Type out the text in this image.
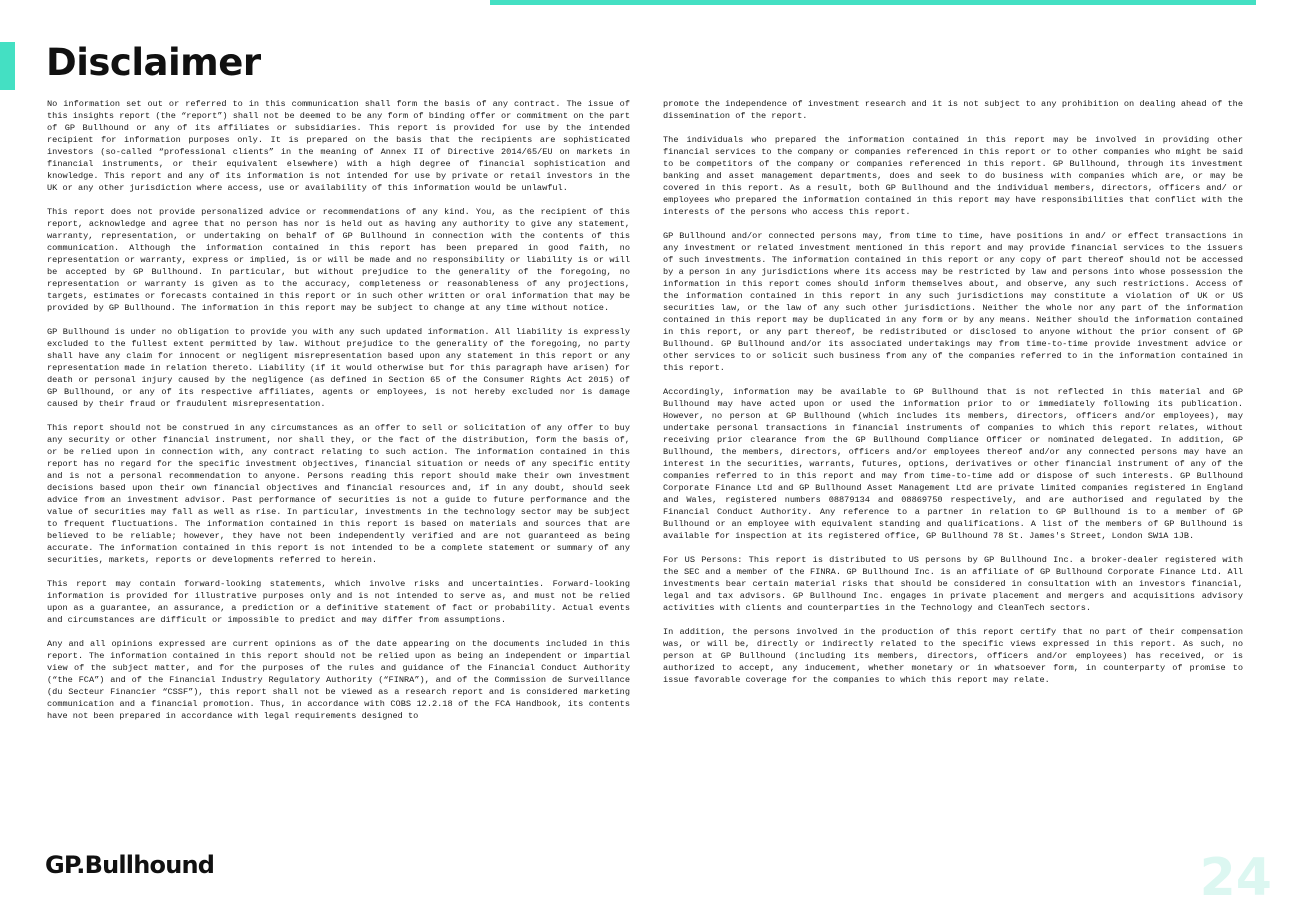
Disclaimer

No information set out or referred to in this communication shall form the basis of any contract. The issue of this insights report (the “report”) shall not be deemed to be any form of binding offer or commitment on the part of GP Bullhound or any of its affiliates or subsidiaries. This report is provided for use by the intended recipient for information purposes only. It is prepared on the basis that the recipients are sophisticated investors (so-called “professional clients” in the meaning of Annex II of Directive 2014/65/EU on markets in financial instruments, or their equivalent elsewhere) with a high degree of financial sophistication and knowledge. This report and any of its information is not intended for use by private or retail investors in the UK or any other jurisdiction where access, use or availability of this information would be unlawful.

This report does not provide personalized advice or recommendations of any kind. You, as the recipient of this report, acknowledge and agree that no person has nor is held out as having any authority to give any statement, warranty, representation, or undertaking on behalf of GP Bullhound in connection with the contents of this communication. Although the information contained in this report has been prepared in good faith, no representation or warranty, express or implied, is or will be made and no responsibility or liability is or will be accepted by GP Bullhound. In particular, but without prejudice to the generality of the foregoing, no representation or warranty is given as to the accuracy, completeness or reasonableness of any projections, targets, estimates or forecasts contained in this report or in such other written or oral information that may be provided by GP Bullhound. The information in this report may be subject to change at any time without notice.

GP Bullhound is under no obligation to provide you with any such updated information. All liability is expressly excluded to the fullest extent permitted by law. Without prejudice to the generality of the foregoing, no party shall have any claim for innocent or negligent misrepresentation based upon any statement in this report or any representation made in relation thereto. Liability (if it would otherwise but for this paragraph have arisen) for death or personal injury caused by the negligence (as defined in Section 65 of the Consumer Rights Act 2015) of GP Bullhound, or any of its respective affiliates, agents or employees, is not hereby excluded nor is damage caused by their fraud or fraudulent misrepresentation.

This report should not be construed in any circumstances as an offer to sell or solicitation of any offer to buy any security or other financial instrument, nor shall they, or the fact of the distribution, form the basis of, or be relied upon in connection with, any contract relating to such action. The information contained in this report has no regard for the specific investment objectives, financial situation or needs of any specific entity and is not a personal recommendation to anyone. Persons reading this report should make their own investment decisions based upon their own financial objectives and financial resources and, if in any doubt, should seek advice from an investment advisor. Past performance of securities is not a guide to future performance and the value of securities may fall as well as rise. In particular, investments in the technology sector may be subject to frequent fluctuations. The information contained in this report is based on materials and sources that are believed to be reliable; however, they have not been independently verified and are not guaranteed as being accurate. The information contained in this report is not intended to be a complete statement or summary of any securities, markets, reports or developments referred to herein.

This report may contain forward-looking statements, which involve risks and uncertainties. Forward-looking information is provided for illustrative purposes only and is not intended to serve as, and must not be relied upon as a guarantee, an assurance, a prediction or a definitive statement of fact or probability. Actual events and circumstances are difficult or impossible to predict and may differ from assumptions.

Any and all opinions expressed are current opinions as of the date appearing on the documents included in this report. The information contained in this report should not be relied upon as being an independent or impartial view of the subject matter, and for the purposes of the rules and guidance of the Financial Conduct Authority (“the FCA”) and of the Financial Industry Regulatory Authority (“FINRA”), and of the Commission de Surveillance (du Secteur Financier “CSSF”), this report shall not be viewed as a research report and is considered marketing communication and a financial promotion. Thus, in accordance with COBS 12.2.18 of the FCA Handbook, its contents have not been prepared in accordance with legal requirements designed to

promote the independence of investment research and it is not subject to any prohibition on dealing ahead of the dissemination of the report.

The individuals who prepared the information contained in this report may be involved in providing other financial services to the company or companies referenced in this report or to other companies who might be said to be competitors of the company or companies referenced in this report. GP Bullhound, through its investment banking and asset management departments, does and seek to do business with companies which are, or may be covered in this report. As a result, both GP Bullhound and the individual members, directors, officers and/ or employees who prepared the information contained in this report may have responsibilities that conflict with the interests of the persons who access this report.

GP Bullhound and/or connected persons may, from time to time, have positions in and/ or effect transactions in any investment or related investment mentioned in this report and may provide financial services to the issuers of such investments. The information contained in this report or any copy of part thereof should not be accessed by a person in any jurisdictions where its access may be restricted by law and persons into whose possession the information in this report comes should inform themselves about, and observe, any such restrictions. Access of the information contained in this report in any such jurisdictions may constitute a violation of UK or US securities law, or the law of any such other jurisdictions. Neither the whole nor any part of the information contained in this report may be duplicated in any form or by any means. Neither should the information contained in this report, or any part thereof, be redistributed or disclosed to anyone without the prior consent of GP Bullhound. GP Bullhound and/or its associated undertakings may from time-to-time provide investment advice or other services to or solicit such business from any of the companies referred to in the information contained in this report.

Accordingly, information may be available to GP Bullhound that is not reflected in this material and GP Bullhound may have acted upon or used the information prior to or immediately following its publication. However, no person at GP Bullhound (which includes its members, directors, officers and/or employees), may undertake personal transactions in financial instruments of companies to which this report relates, without receiving prior clearance from the GP Bullhound Compliance Officer or nominated delegated. In addition, GP Bullhound, the members, directors, officers and/or employees thereof and/or any connected persons may have an interest in the securities, warrants, futures, options, derivatives or other financial instrument of any of the companies referred to in this report and may from time-to-time add or dispose of such interests. GP Bullhound Corporate Finance Ltd and GP Bullhound Asset Management Ltd are private limited companies registered in England and Wales, registered numbers 08879134 and 08869750 respectively, and are authorised and regulated by the Financial Conduct Authority. Any reference to a partner in relation to GP Bullhound is to a member of GP Bullhound or an employee with equivalent standing and qualifications. A list of the members of GP Bullhound is available for inspection at its registered office, GP Bullhound 78 St. James's Street, London SW1A 1JB.

For US Persons: This report is distributed to US persons by GP Bullhound Inc. a broker-dealer registered with the SEC and a member of the FINRA. GP Bullhound Inc. is an affiliate of GP Bullhound Corporate Finance Ltd. All investments bear certain material risks that should be considered in consultation with an investors financial, legal and tax advisors. GP Bullhound Inc. engages in private placement and mergers and acquisitions advisory activities with clients and counterparties in the Technology and CleanTech sectors.

In addition, the persons involved in the production of this report certify that no part of their compensation was, or will be, directly or indirectly related to the specific views expressed in this report. As such, no person at GP Bullhound (including its members, directors, officers and/or employees) has received, or is authorized to accept, any inducement, whether monetary or in whatsoever form, in counterparty of promise to issue favorable coverage for the companies to which this report may relate.

GP.Bullhound	24
